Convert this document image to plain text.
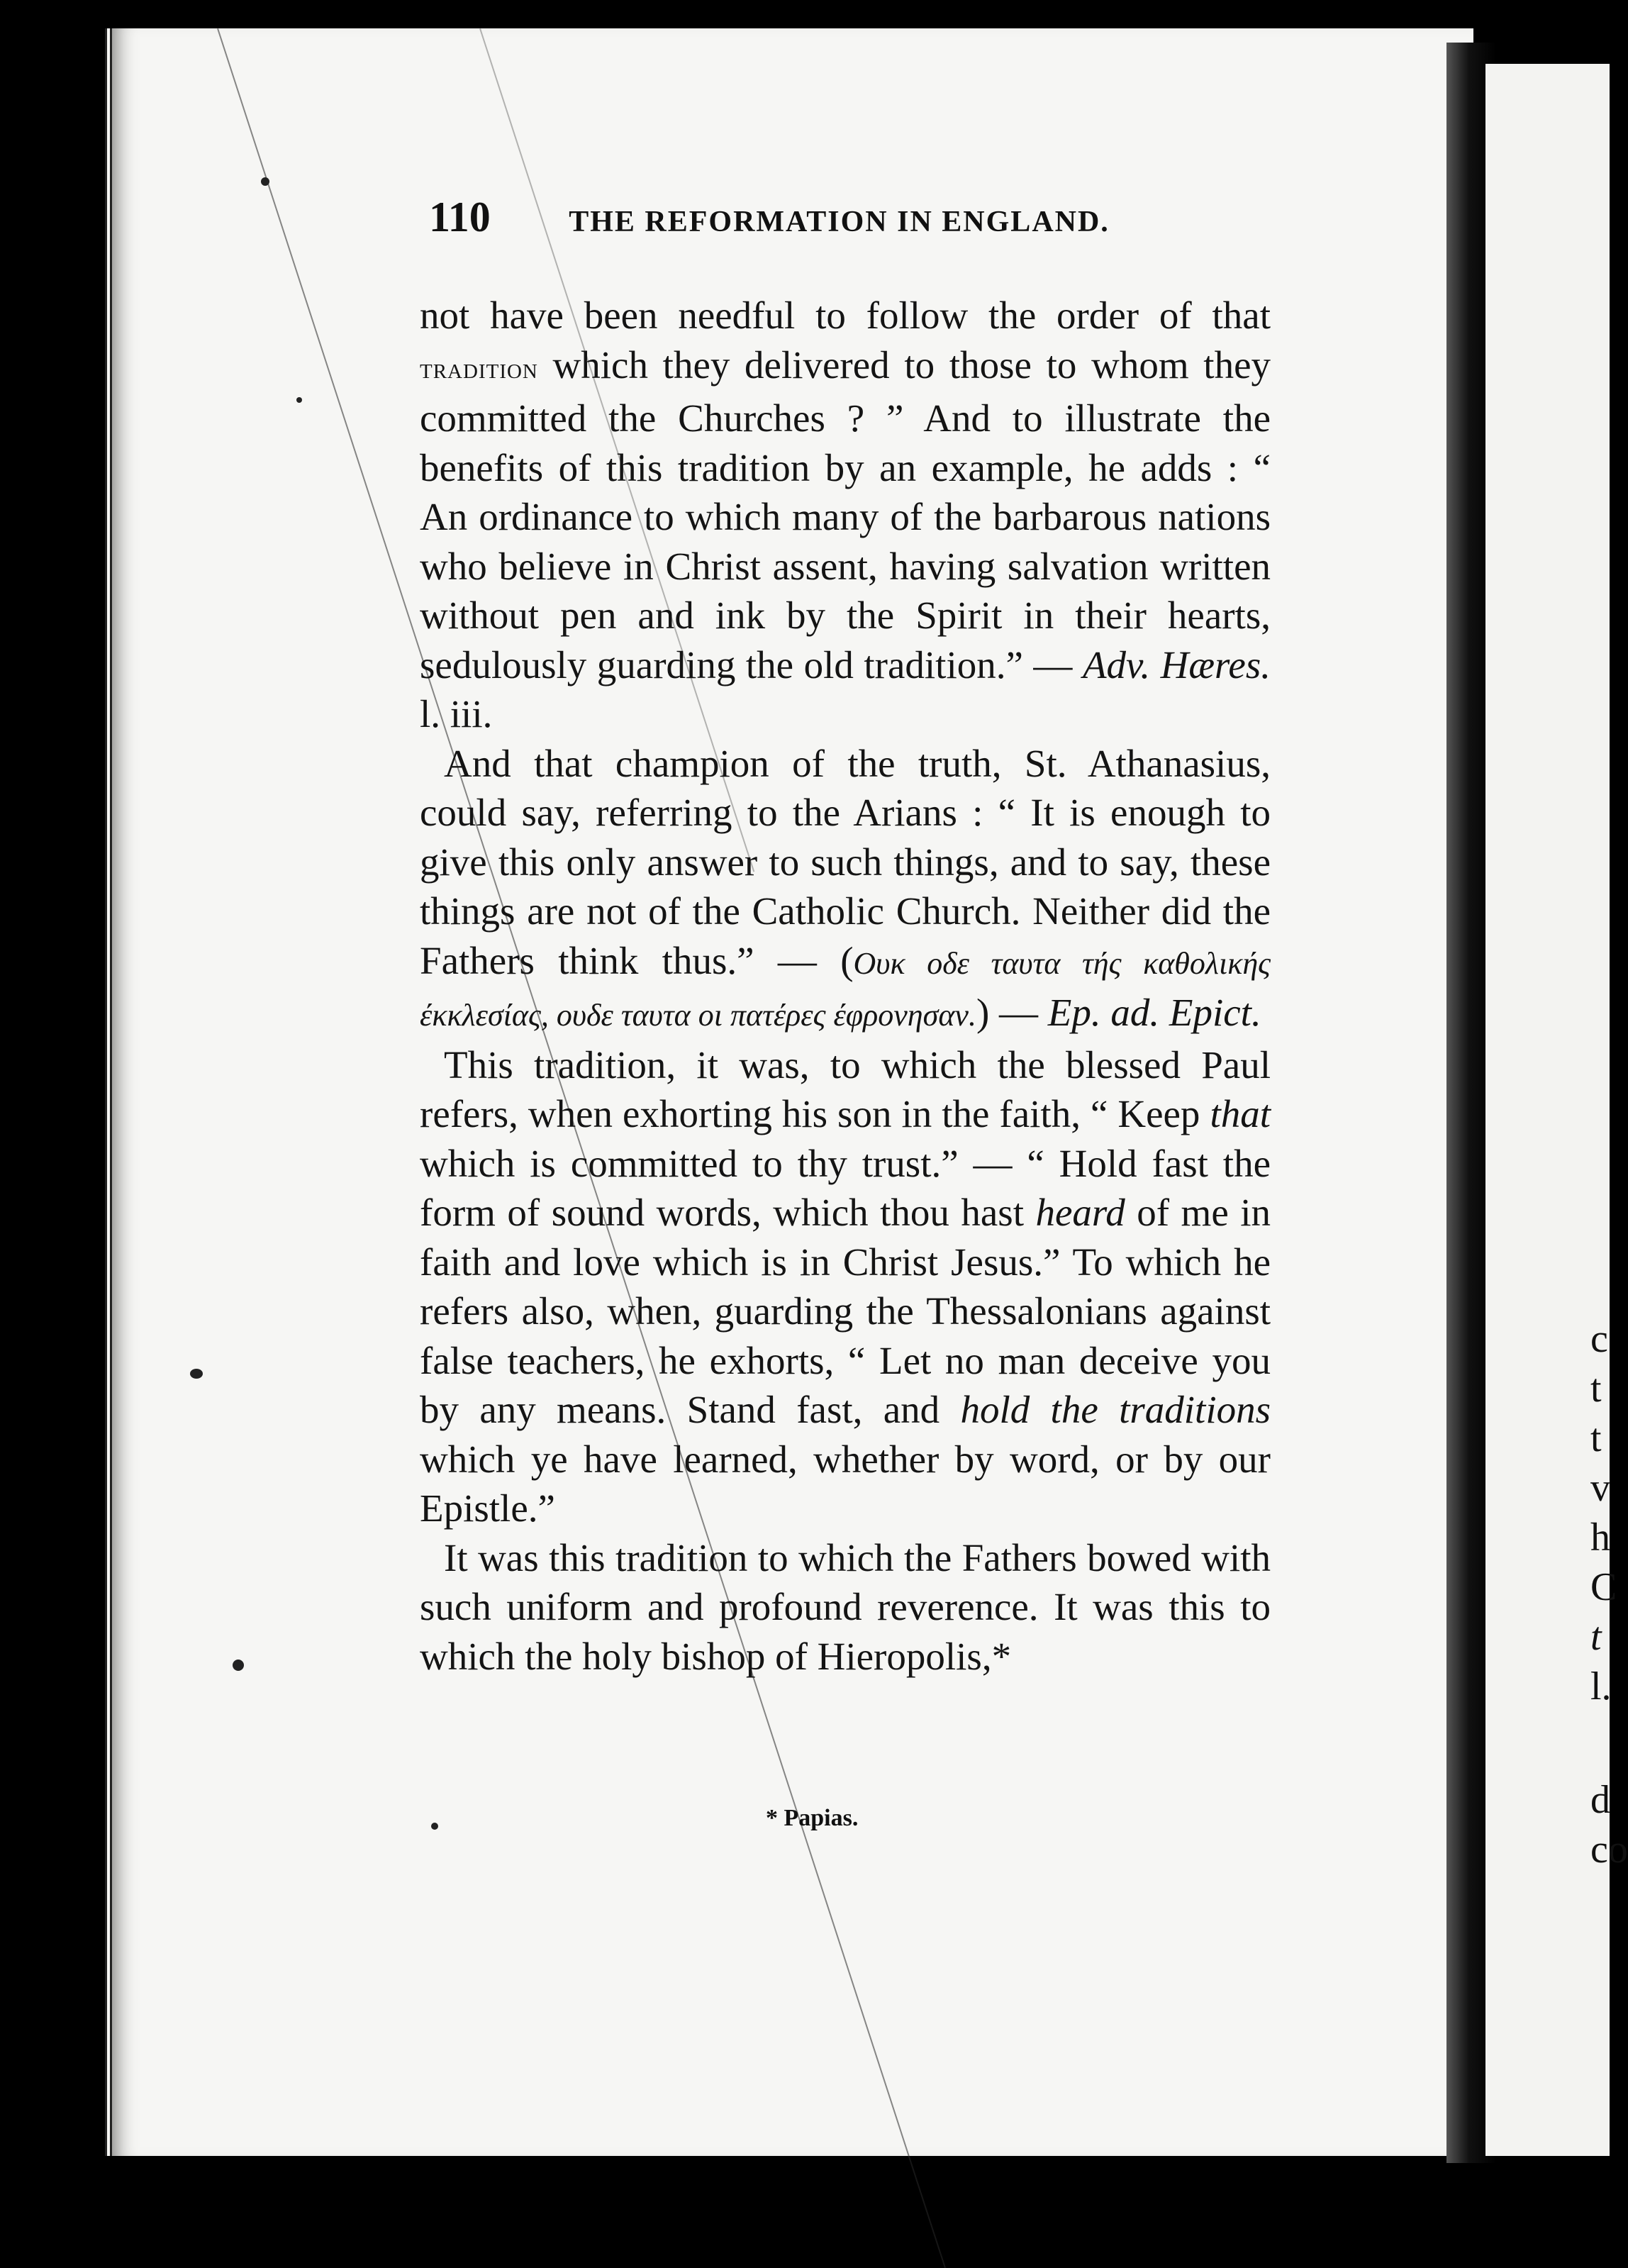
c
t
t
v
h
C
t
l.
d
co
110	THE REFORMATION IN ENGLAND.

not have been needful to follow the order of that tradition which they delivered to those to whom they committed the Churches ? ” And to illustrate the benefits of this tradition by an example, he adds : “ An ordinance to which many of the barbarous nations who believe in Christ assent, having salvation written without pen and ink by the Spirit in their hearts, sedulously guarding the old tradition.” — Adv. Hæres. l. iii.

And that champion of the truth, St. Athanasius, could say, referring to the Arians : “ It is enough to give this only answer to such things, and to say, these things are not of the Catholic Church. Neither did the Fathers think thus.” — (Ουκ οδε ταυτα τής καθολικής έκκλεσίας, ουδε ταυτα οι πατέρες έφρονησαν.) — Ep. ad. Epict.

This tradition, it was, to which the blessed Paul refers, when exhorting his son in the faith, “ Keep that which is committed to thy trust.” — “ Hold fast the form of sound words, which thou hast heard of me in faith and love which is in Christ Jesus.” To which he refers also, when, guarding the Thessalonians against false teachers, he exhorts, “ Let no man deceive you by any means. Stand fast, and hold the traditions which ye have learned, whether by word, or by our Epistle.”

It was this tradition to which the Fathers bowed with such uniform and profound reverence. It was this to which the holy bishop of Hieropolis,*

* Papias.
